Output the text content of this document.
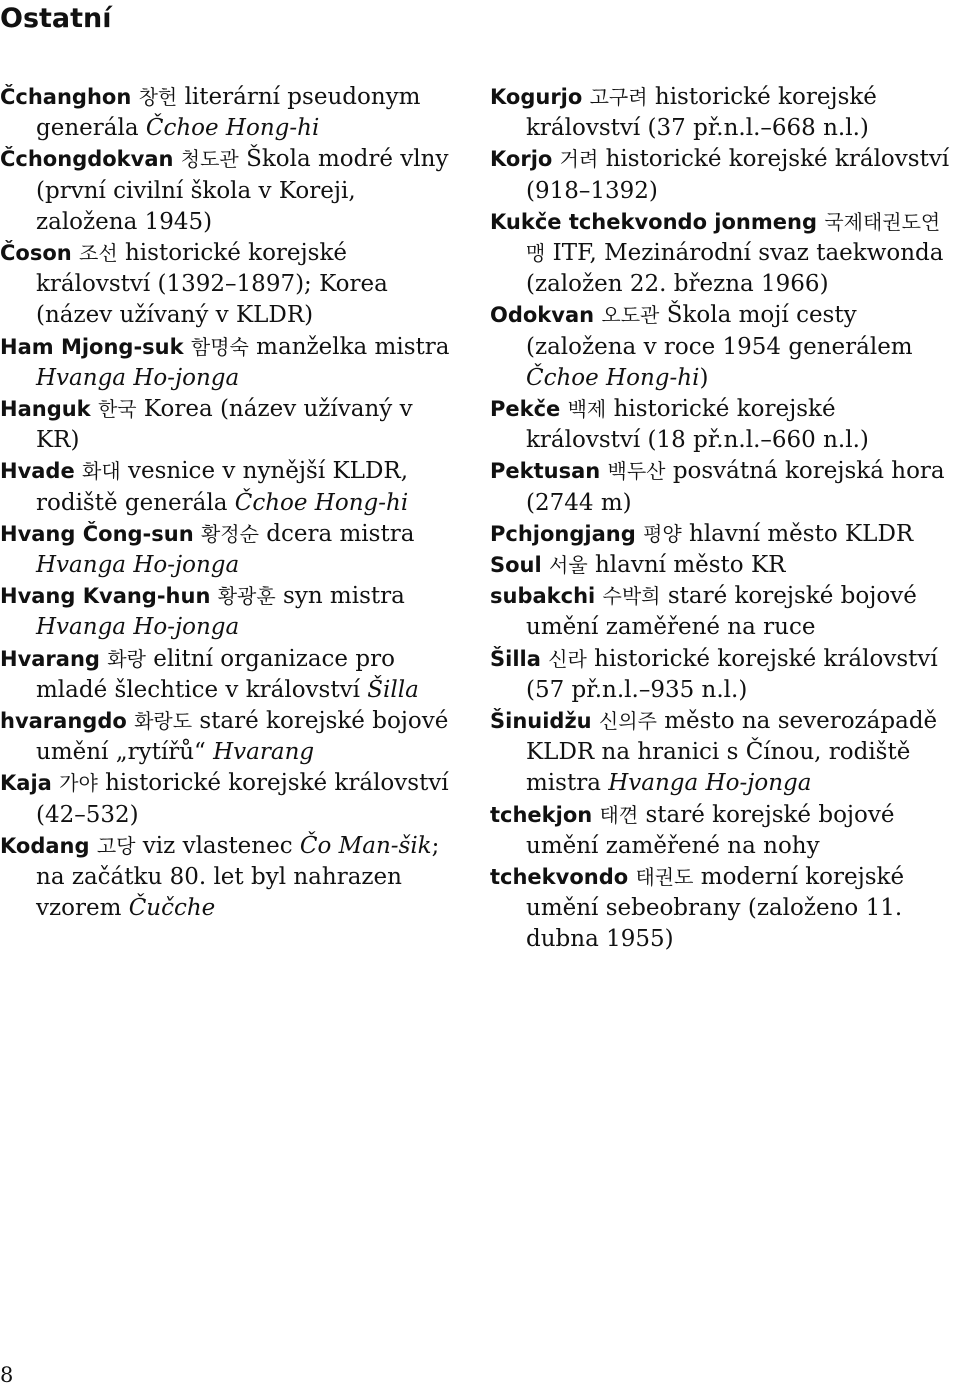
Ostatní

Čchanghon 창헌 literární pseudonym generála Čchoe Hong-hi

Čchongdokvan 청도관 Škola modré vlny (první civilní škola v Koreji, založena 1945)

Čoson 조선 historické korejské království (1392–1897); Korea (název užívaný v KLDR)

Ham Mjong-suk 함명숙 manželka mistra Hvanga Ho-jonga

Hanguk 한국 Korea (název užívaný v KR)

Hvade 화대 vesnice v nynější KLDR, rodiště generála Čchoe Hong-hi

Hvang Čong-sun 황정순 dcera mistra Hvanga Ho-jonga

Hvang Kvang-hun 황광훈 syn mistra Hvanga Ho-jonga

Hvarang 화랑 elitní organizace pro mladé šlechtice v království Šilla

hvarangdo 화랑도 staré korejské bojové umění „rytířů“ Hvarang

Kaja 가야 historické korejské království (42–532)

Kodang 고당 viz vlastenec Čo Man-šik; na začátku 80. let byl nahrazen vzorem Čučche

Kogurjo 고구려 historické korejské království (37 př.n.l.–668 n.l.)

Korjo 거려 historické korejské království (918–1392)

Kukče tchekvondo jonmeng 국제태권도연맹 ITF, Mezinárodní svaz taekwonda (založen 22. března 1966)

Odokvan 오도관 Škola mojí cesty (založena v roce 1954 generálem Čchoe Hong-hi)

Pekče 백제 historické korejské království (18 př.n.l.–660 n.l.)

Pektusan 백두산 posvátná korejská hora (2744 m)

Pchjongjang 평양 hlavní město KLDR

Soul 서울 hlavní město KR

subakchi 수박희 staré korejské bojové umění zaměřené na ruce

Šilla 신라 historické korejské království (57 př.n.l.–935 n.l.)

Šinuidžu 신의주 město na severozápadě KLDR na hranici s Čínou, rodiště mistra Hvanga Ho-jonga

tchekjon 태껸 staré korejské bojové umění zaměřené na nohy

tchekvondo 태권도 moderní korejské umění sebeobrany (založeno 11. dubna 1955)

8
